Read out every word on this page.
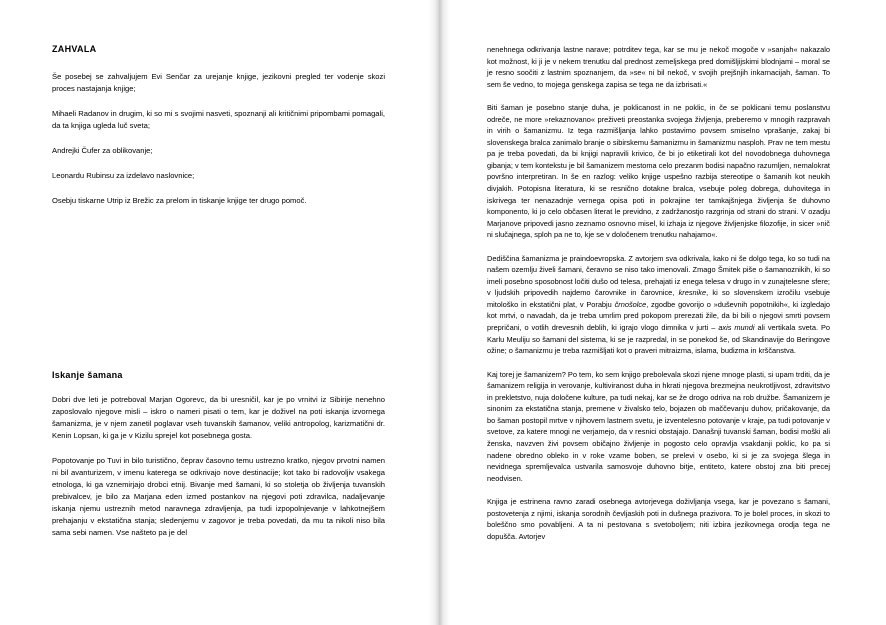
ZAHVALA

Še posebej se zahvaljujem Evi Senčar za urejanje knjige, jezikovni pregled ter vodenje skozi proces nastajanja knjige;

Mihaeli Radanov in drugim, ki so mi s svojimi nasveti, spoznanji ali kritičnimi pripombami pomagali, da ta knjiga ugleda luč sveta;

Andrejki Čufer za oblikovanje;

Leonardu Rubinsu za izdelavo naslovnice;

Osebju tiskarne Utrip iz Brežic za prelom in tiskanje knjige ter drugo pomoč.

Iskanje šamana

Dobri dve leti je potreboval Marjan Ogorevc, da bi uresničil, kar je po vrnitvi iz Sibirije nenehno zaposlovalo njegove misli – iskro o nameri pisati o tem, kar je doživel na poti iskanja izvornega šamanizma, je v njem zanetil poglavar vseh tuvanskih šamanov, veliki antropolog, karizmatični dr. Kenin Lopsan, ki ga je v Kizilu sprejel kot posebnega gosta.

Popotovanje po Tuvi in bilo turistično, čeprav časovno temu ustrezno kratko, njegov prvotni namen ni bil avanturizem, v imenu katerega se odkrivajo nove destinacije; kot tako bi radovoljiv vsakega etnologa, ki ga vznemirjajo drobci etnij. Bivanje med šamani, ki so stoletja ob življenja tuvanskih prebivalcev, je bilo za Marjana eden izmed postankov na njegovi poti zdravilca, nadaljevanje iskanja njemu ustreznih metod naravnega zdravljenja, pa tudi izpopolnjevanje v lahkotnejšem prehajanju v ekstatična stanja; sledenjemu v zagovor je treba povedati, da mu ta nikoli niso bila sama sebi namen. Vse našteto pa je del

nenehnega odkrivanja lastne narave; potrditev tega, kar se mu je nekoč mogoče v »sanjah« nakazalo kot možnost, ki ji je v nekem trenutku dal prednost zemeljskega pred domišljijskimi blodnjami – moral se je resno soočiti z lastnim spoznanjem, da »se« ni bil nekoč, v svojih prejšnjih inkarnacijah, šaman. To sem še vedno, to mojega genskega zapisa se tega ne da izbrisati.«

Biti šaman je posebno stanje duha, je poklicanost in ne poklic, in če se poklicani temu poslanstvu odreče, ne more »rekaznovano« preživeti preostanka svojega življenja, preberemo v mnogih razpravah in virih o šamanizmu. Iz tega razmišljanja lahko postavimo povsem smiselno vprašanje, zakaj bi slovenskega bralca zanimalo branje o sibirskemu šamanizmu in šamanizmu nasploh. Prav ne tem mestu pa je treba povedati, da bi knjigi napravili krivico, če bi jo etiketirali kot del novodobnega duhovnega gibanja; v tem kontekstu je bil šamanizem mestoma celo prezanm bodisi napačno razumljen, nemalokrat površno interpretiran. In še en razlog: veliko knjige uspešno razbija stereotipe o šamanih kot neukih divjakih. Potopisna literatura, ki se resnično dotakne bralca, vsebuje poleg dobrega, duhovitega in iskrivega ter nenazadnje vernega opisa poti in pokrajine ter tamkajšnjega življenja še duhovno komponento, ki jo celo občasen literat le previdno, z zadržanostjo razgrinja od strani do strani. V ozadju Marjanove pripovedi jasno zeznamo osnovno misel, ki izhaja iz njegove življenjske filozofije, in sicer »nič ni slučajnega, sploh pa ne to, kje se v določenem trenutku nahajamo«.

Dediščina šamanizma je praindoevropska. Z avtorjem sva odkrivala, kako ni še dolgo tega, ko so tudi na našem ozemlju živeli šamani, čeravno se niso tako imenovali. Zmago Šmitek piše o šamanoznikih, ki so imeli posebno sposobnost ločiti dušo od telesa, prehajati iz enega telesa v drugo in v zunajtelesne sfere; v ljudskih pripovedih najdemo čarovnike in čarovnice, kresnike, ki so slovenskem izročilu vsebuje mitološko in ekstatični plat, v Porabju črnošolce, zgodbe govorijo o »duševnih popotnikih«, ki izgledajo kot mrtvi, o navadah, da je treba umrlim pred pokopom prerezati žile, da bi bili o njegovi smrti povsem prepričani, o votlih drevesnih deblih, ki igrajo vlogo dimnika v jurti – axis mundi ali vertikala sveta. Po Karlu Meuliju so šamani del sistema, ki se je razpredal, in se ponekod še, od Skandinavije do Beringove ožine; o šamanizmu je treba razmišljati kot o praveri mitraizma, islama, budizma in krščanstva.

Kaj torej je šamanizem? Po tem, ko sem knjigo prebolevala skozi njene mnoge plasti, si upam trditi, da je šamanizem religija in verovanje, kultiviranost duha in hkrati njegova brezmejna neukrotljivost, zdravitstvo in prekletstvo, nuja določene kulture, pa tudi nekaj, kar se že drogo odriva na rob družbe. Šamanizem je sinonim za ekstatična stanja, premene v živalsko telo, bojazen ob maččevanju duhov, pričakovanje, da bo šaman postopil mrtve v njihovem lastnem svetu, je izventelesno potovanje v kraje, pa tudi potovanje v svetove, za katere mnogi ne verjamejo, da v resnici obstajajo. Današnji tuvanski šaman, bodisi moški ali ženska, navzven živi povsem običajno življenje in pogosto celo opravlja vsakdanji poklic, ko pa si nadene obredno obleko in v roke vzame boben, se prelevi v osebo, ki si je za svojega šlega in nevidnega spremljevalca ustvarila samosvoje duhovno bitje, entiteto, katere obstoj zna biti precej neodvisen.

Knjiga je estrinena ravno zaradi osebnega avtorjevega doživljanja vsega, kar je povezano s šamani, postovetenja z njimi, iskanja sorodnih čevljaskih poti in dušnega prazivora. To je bolel proces, in skozi to boleščno smo povabljeni. A ta ni pestovana s svetoboljem; niti izbira jezikovnega orodja tega ne dopušča. Avtorjev
